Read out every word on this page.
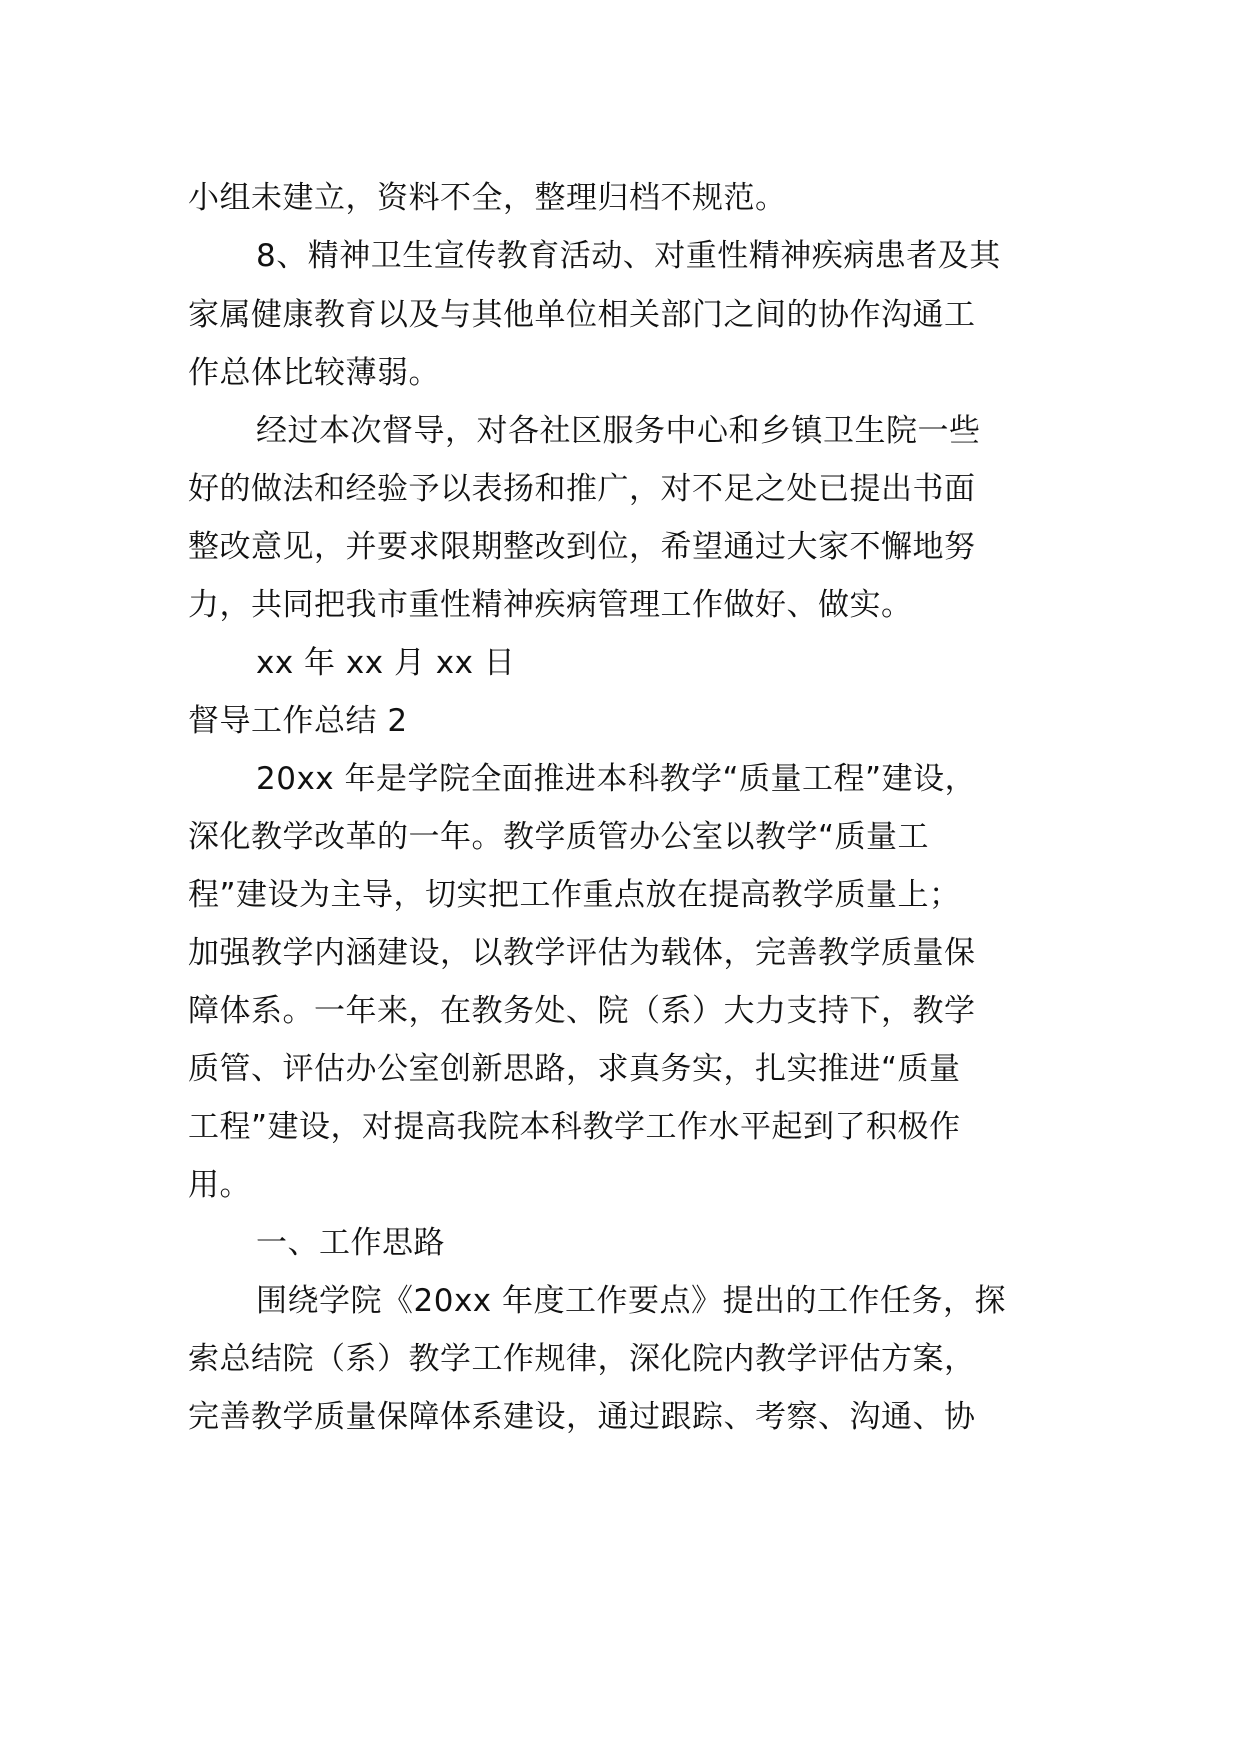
小组未建立，资料不全，整理归档不规范。
8、精神卫生宣传教育活动、对重性精神疾病患者及其
家属健康教育以及与其他单位相关部门之间的协作沟通工
作总体比较薄弱。
经过本次督导，对各社区服务中心和乡镇卫生院一些
好的做法和经验予以表扬和推广，对不足之处已提出书面
整改意见，并要求限期整改到位，希望通过大家不懈地努
力，共同把我市重性精神疾病管理工作做好、做实。
xx 年 xx 月 xx 日
督导工作总结 2
20xx 年是学院全面推进本科教学“质量工程”建设，
深化教学改革的一年。教学质管办公室以教学“质量工
程”建设为主导，切实把工作重点放在提高教学质量上；
加强教学内涵建设，以教学评估为载体，完善教学质量保
障体系。一年来，在教务处、院（系）大力支持下，教学
质管、评估办公室创新思路，求真务实，扎实推进“质量
工程”建设，对提高我院本科教学工作水平起到了积极作
用。
一、工作思路
围绕学院《20xx 年度工作要点》提出的工作任务，探
索总结院（系）教学工作规律，深化院内教学评估方案，
完善教学质量保障体系建设，通过跟踪、考察、沟通、协
